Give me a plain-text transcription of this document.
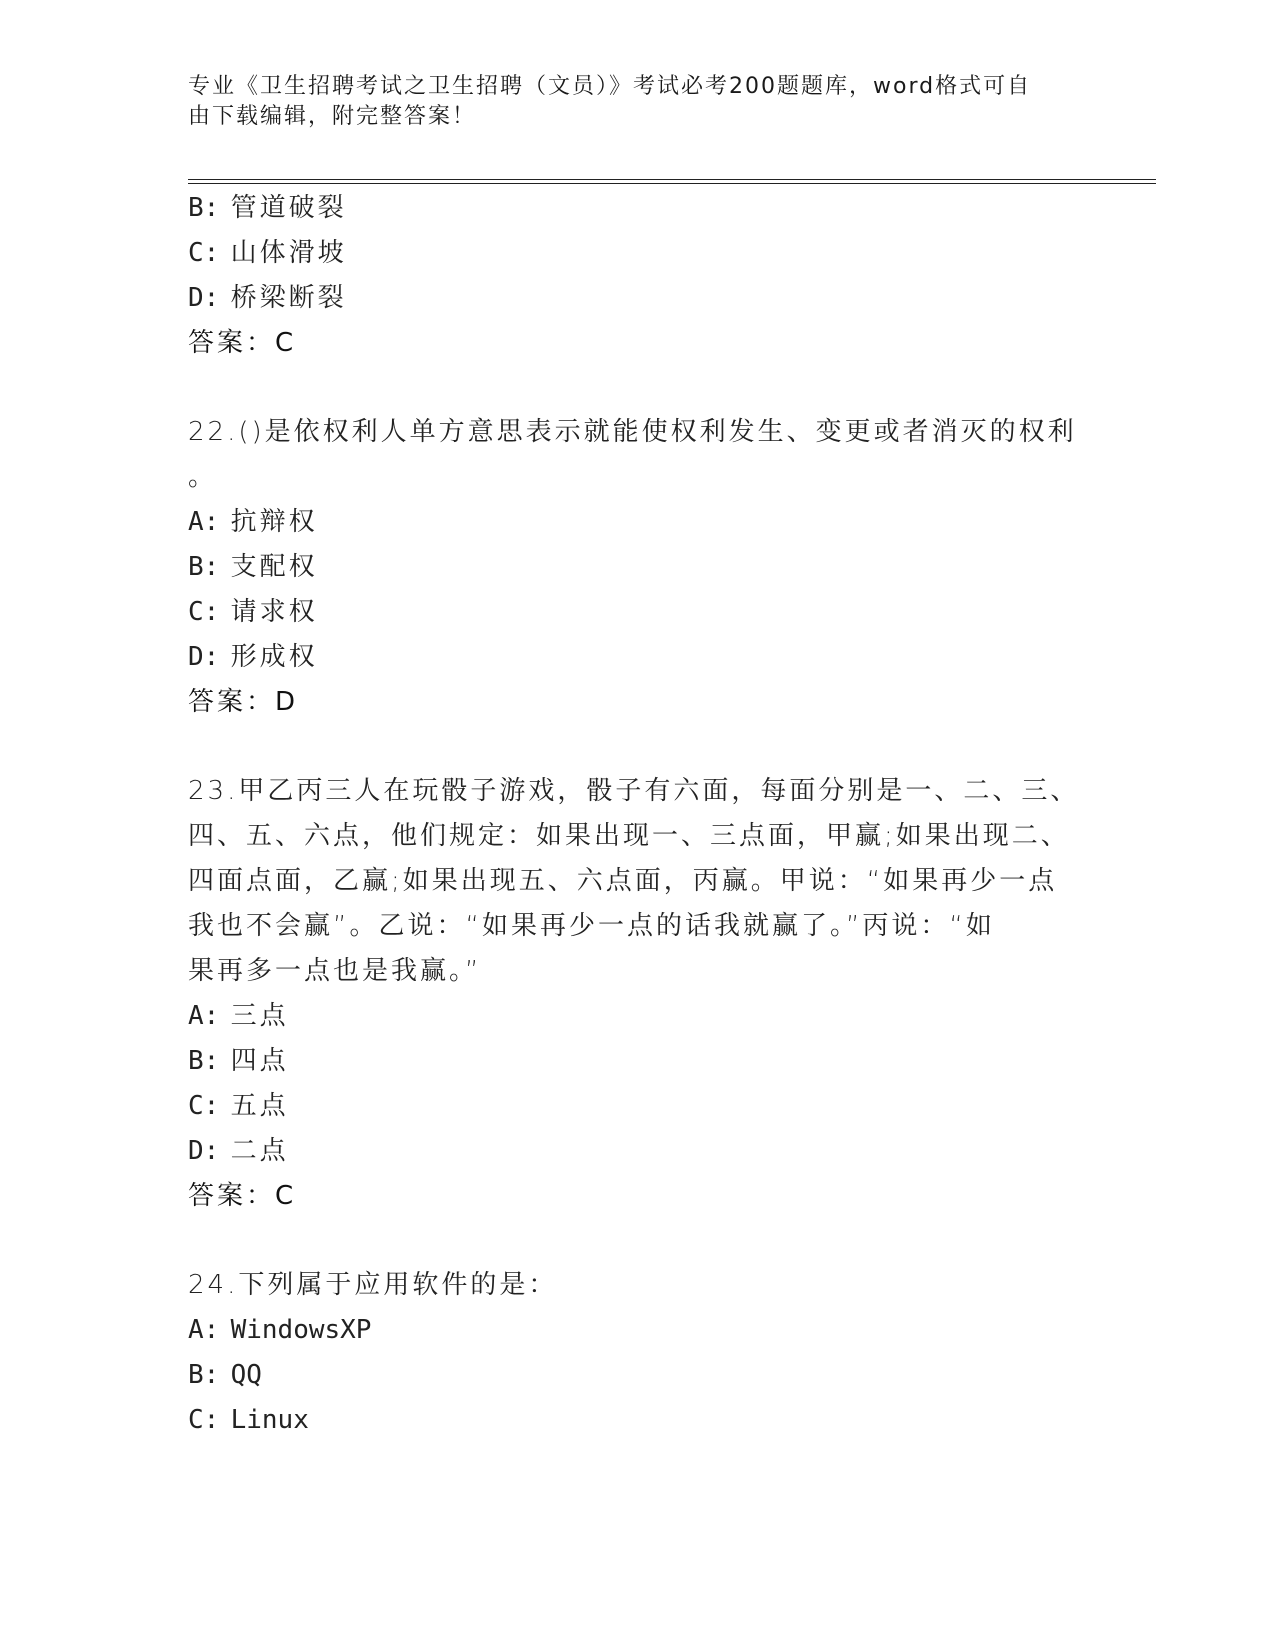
专业《卫生招聘考试之卫生招聘（文员）》考试必考200题题库，word格式可自
由下载编辑，附完整答案！
B: 管道破裂
C: 山体滑坡
D: 桥梁断裂
答案：C
22.()是依权利人单方意思表示就能使权利发生、变更或者消灭的权利
。
A: 抗辩权
B: 支配权
C: 请求权
D: 形成权
答案：D
23.甲乙丙三人在玩骰子游戏，骰子有六面，每面分别是一、二、三、
四、五、六点，他们规定：如果出现一、三点面，甲赢;如果出现二、
四面点面，乙赢;如果出现五、六点面，丙赢。甲说：“如果再少一点
我也不会赢”。乙说：“如果再少一点的话我就赢了。”丙说：“如
果再多一点也是我赢。”
A: 三点
B: 四点
C: 五点
D: 二点
答案：C
24.下列属于应用软件的是：
A: WindowsXP
B: QQ
C: Linux
